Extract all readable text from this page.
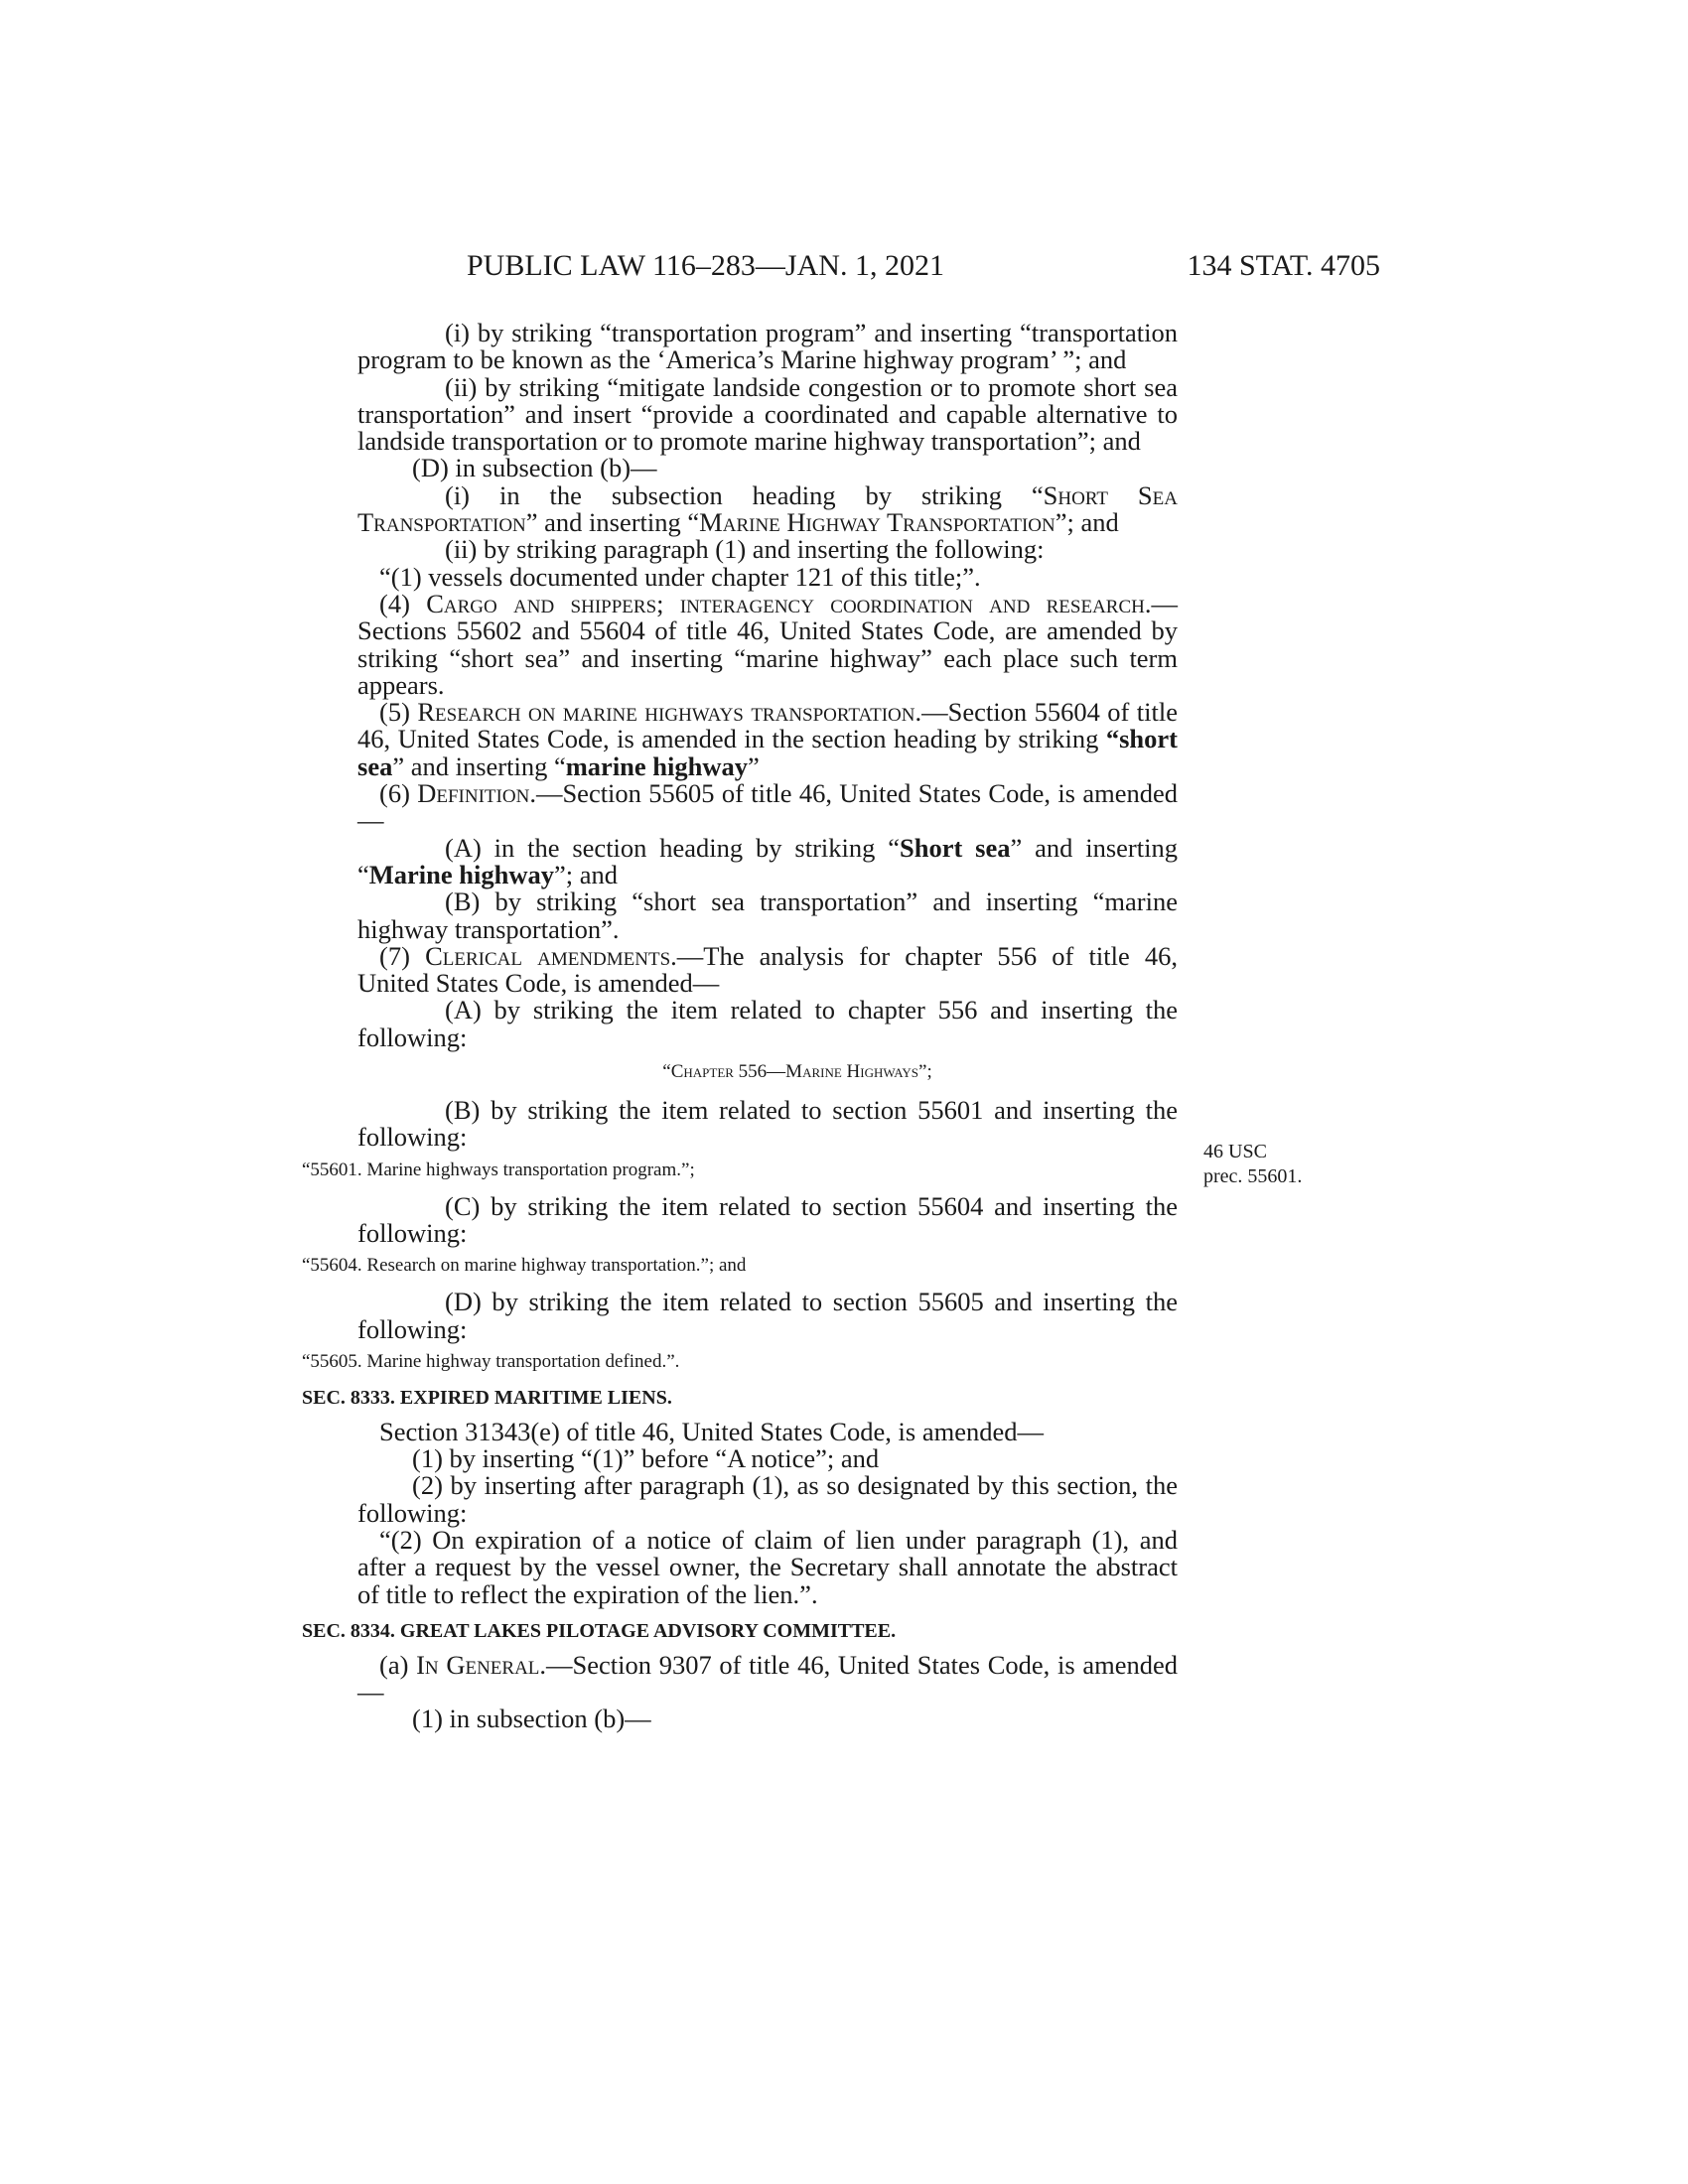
PUBLIC LAW 116–283—JAN. 1, 2021	134 STAT. 4705
46 USC
prec. 55601.

(i) by striking “transportation program” and inserting “transportation program to be known as the ‘America’s Marine highway program’ ”; and

(ii) by striking “mitigate landside congestion or to promote short sea transportation” and insert “provide a coordinated and capable alternative to landside transportation or to promote marine highway transportation”; and

(D) in subsection (b)—

(i) in the subsection heading by striking “Short Sea Transportation” and inserting “Marine Highway Transportation”; and

(ii) by striking paragraph (1) and inserting the following:

“(1) vessels documented under chapter 121 of this title;”.

(4) Cargo and shippers; interagency coordination and research.—Sections 55602 and 55604 of title 46, United States Code, are amended by striking “short sea” and inserting “marine highway” each place such term appears.

(5) Research on marine highways transportation.—Section 55604 of title 46, United States Code, is amended in the section heading by striking “short sea” and inserting “marine highway”

(6) Definition.—Section 55605 of title 46, United States Code, is amended—

(A) in the section heading by striking “Short sea” and inserting “Marine highway”; and

(B) by striking “short sea transportation” and inserting “marine highway transportation”.

(7) Clerical amendments.—The analysis for chapter 556 of title 46, United States Code, is amended—

(A) by striking the item related to chapter 556 and inserting the following:

“Chapter 556—Marine Highways”;

(B) by striking the item related to section 55601 and inserting the following:

“55601. Marine highways transportation program.”;

(C) by striking the item related to section 55604 and inserting the following:

“55604. Research on marine highway transportation.”; and

(D) by striking the item related to section 55605 and inserting the following:

“55605. Marine highway transportation defined.”.

SEC. 8333. EXPIRED MARITIME LIENS.

Section 31343(e) of title 46, United States Code, is amended—

(1) by inserting “(1)” before “A notice”; and

(2) by inserting after paragraph (1), as so designated by this section, the following:

“(2) On expiration of a notice of claim of lien under paragraph (1), and after a request by the vessel owner, the Secretary shall annotate the abstract of title to reflect the expiration of the lien.”.

SEC. 8334. GREAT LAKES PILOTAGE ADVISORY COMMITTEE.

(a) In General.—Section 9307 of title 46, United States Code, is amended—

(1) in subsection (b)—
